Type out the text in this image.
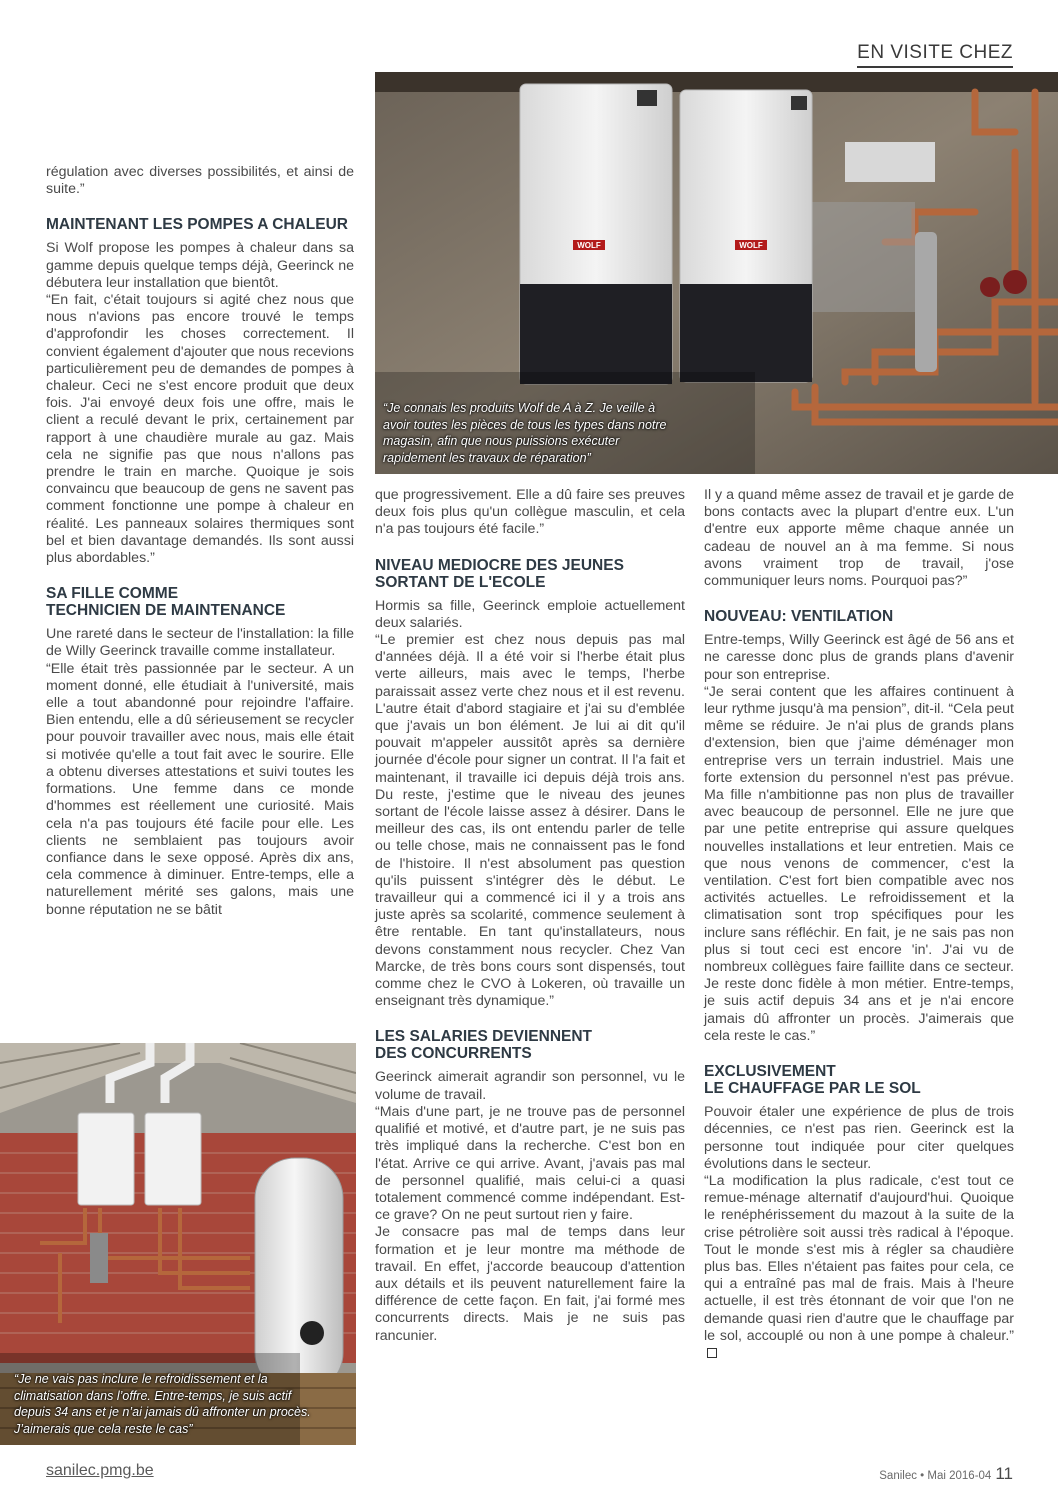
EN VISITE CHEZ
WOLF	WOLF
“Je connais les produits Wolf de A à Z. Je veille à avoir toutes les pièces de tous les types dans notre magasin, afin que nous puissions exécuter rapidement les travaux de réparation”
“Je ne vais pas inclure le refroidissement et la climatisation dans l’offre. Entre-temps, je suis actif depuis 34 ans et je n’ai jamais dû affronter un procès. J’aimerais que cela reste le cas”

régulation avec diverses possibilités, et ainsi de suite.”

MAINTENANT LES POMPES A CHALEUR

Si Wolf propose les pompes à chaleur dans sa gamme depuis quelque temps déjà, Geerinck ne débutera leur installation que bientôt.

“En fait, c'était toujours si agité chez nous que nous n'avions pas encore trouvé le temps d'approfondir les choses correctement. Il convient également d'ajouter que nous recevions particulièrement peu de demandes de pompes à chaleur. Ceci ne s'est encore produit que deux fois. J'ai envoyé deux fois une offre, mais le client a reculé devant le prix, certainement par rapport à une chaudière murale au gaz. Mais cela ne signifie pas que nous n'allons pas prendre le train en marche. Quoique je sois convaincu que beaucoup de gens ne savent pas comment fonctionne une pompe à chaleur en réalité. Les panneaux solaires thermiques sont bel et bien davantage demandés. Ils sont aussi plus abordables.”

SA FILLE COMME
TECHNICIEN DE MAINTENANCE

Une rareté dans le secteur de l'installation: la fille de Willy Geerinck travaille comme installateur.

“Elle était très passionnée par le secteur. A un moment donné, elle étudiait à l'université, mais elle a tout abandonné pour rejoindre l'affaire. Bien entendu, elle a dû sérieusement se recycler pour pouvoir travailler avec nous, mais elle était si motivée qu'elle a tout fait avec le sourire. Elle a obtenu diverses attestations et suivi toutes les formations. Une femme dans ce monde d'hommes est réellement une curiosité. Mais cela n'a pas toujours été facile pour elle. Les clients ne semblaient pas toujours avoir confiance dans le sexe opposé. Après dix ans, cela commence à diminuer. Entre-temps, elle a naturellement mérité ses galons, mais une bonne réputation ne se bâtit

que progressivement. Elle a dû faire ses preuves deux fois plus qu'un collègue masculin, et cela n'a pas toujours été facile.”

NIVEAU MEDIOCRE DES JEUNES
SORTANT DE L'ECOLE

Hormis sa fille, Geerinck emploie actuellement deux salariés.

“Le premier est chez nous depuis pas mal d'années déjà. Il a été voir si l'herbe était plus verte ailleurs, mais avec le temps, l'herbe paraissait assez verte chez nous et il est revenu. L'autre était d'abord stagiaire et j'ai su d'emblée que j'avais un bon élément. Je lui ai dit qu'il pouvait m'appeler aussitôt après sa dernière journée d'école pour signer un contrat. Il l'a fait et maintenant, il travaille ici depuis déjà trois ans. Du reste, j'estime que le niveau des jeunes sortant de l'école laisse assez à désirer. Dans le meilleur des cas, ils ont entendu parler de telle ou telle chose, mais ne connaissent pas le fond de l'histoire. Il n'est absolument pas question qu'ils puissent s'intégrer dès le début. Le travailleur qui a commencé ici il y a trois ans juste après sa scolarité, commence seulement à être rentable. En tant qu'installateurs, nous devons constamment nous recycler. Chez Van Marcke, de très bons cours sont dispensés, tout comme chez le CVO à Lokeren, où travaille un enseignant très dynamique.”

LES SALARIES DEVIENNENT
DES CONCURRENTS

Geerinck aimerait agrandir son personnel, vu le volume de travail.

“Mais d'une part, je ne trouve pas de personnel qualifié et motivé, et d'autre part, je ne suis pas très impliqué dans la recherche. C'est bon en l'état. Arrive ce qui arrive. Avant, j'avais pas mal de personnel qualifié, mais celui-ci a quasi totalement commencé comme indépendant. Est-ce grave? On ne peut surtout rien y faire.

Je consacre pas mal de temps dans leur formation et je leur montre ma méthode de travail. En effet, j'accorde beaucoup d'attention aux détails et ils peuvent naturellement faire la différence de cette façon. En fait, j'ai formé mes concurrents directs. Mais je ne suis pas rancunier.

Il y a quand même assez de travail et je garde de bons contacts avec la plupart d'entre eux. L'un d'entre eux apporte même chaque année un cadeau de nouvel an à ma femme. Si nous avons vraiment trop de travail, j'ose communiquer leurs noms. Pourquoi pas?”

NOUVEAU: VENTILATION

Entre-temps, Willy Geerinck est âgé de 56 ans et ne caresse donc plus de grands plans d'avenir pour son entreprise.

“Je serai content que les affaires continuent à leur rythme jusqu'à ma pension”, dit-il. “Cela peut même se réduire. Je n'ai plus de grands plans d'extension, bien que j'aime déménager mon entreprise vers un terrain industriel. Mais une forte extension du personnel n'est pas prévue. Ma fille n'ambitionne pas non plus de travailler avec beaucoup de personnel. Elle ne jure que par une petite entreprise qui assure quelques nouvelles installations et leur entretien. Mais ce que nous venons de commencer, c'est la ventilation. C'est fort bien compatible avec nos activités actuelles. Le refroidissement et la climatisation sont trop spécifiques pour les inclure sans réfléchir. En fait, je ne sais pas non plus si tout ceci est encore 'in'. J'ai vu de nombreux collègues faire faillite dans ce secteur. Je reste donc fidèle à mon métier. Entre-temps, je suis actif depuis 34 ans et je n'ai encore jamais dû affronter un procès. J'aimerais que cela reste le cas.”

EXCLUSIVEMENT
LE CHAUFFAGE PAR LE SOL

Pouvoir étaler une expérience de plus de trois décennies, ce n'est pas rien. Geerinck est la personne tout indiquée pour citer quelques évolutions dans le secteur.

“La modification la plus radicale, c'est tout ce remue-ménage alternatif d'aujourd'hui. Quoique le renéphérissement du mazout à la suite de la crise pétrolière soit aussi très radical à l'époque. Tout le monde s'est mis à régler sa chaudière plus bas. Elles n'étaient pas faites pour cela, ce qui a entraîné pas mal de frais. Mais à l'heure actuelle, il est très étonnant de voir que l'on ne demande quasi rien d'autre que le chauffage par le sol, accouplé ou non à une pompe à chaleur.”

sanilec.pmg.be	Sanilec • Mai 2016-04 11
